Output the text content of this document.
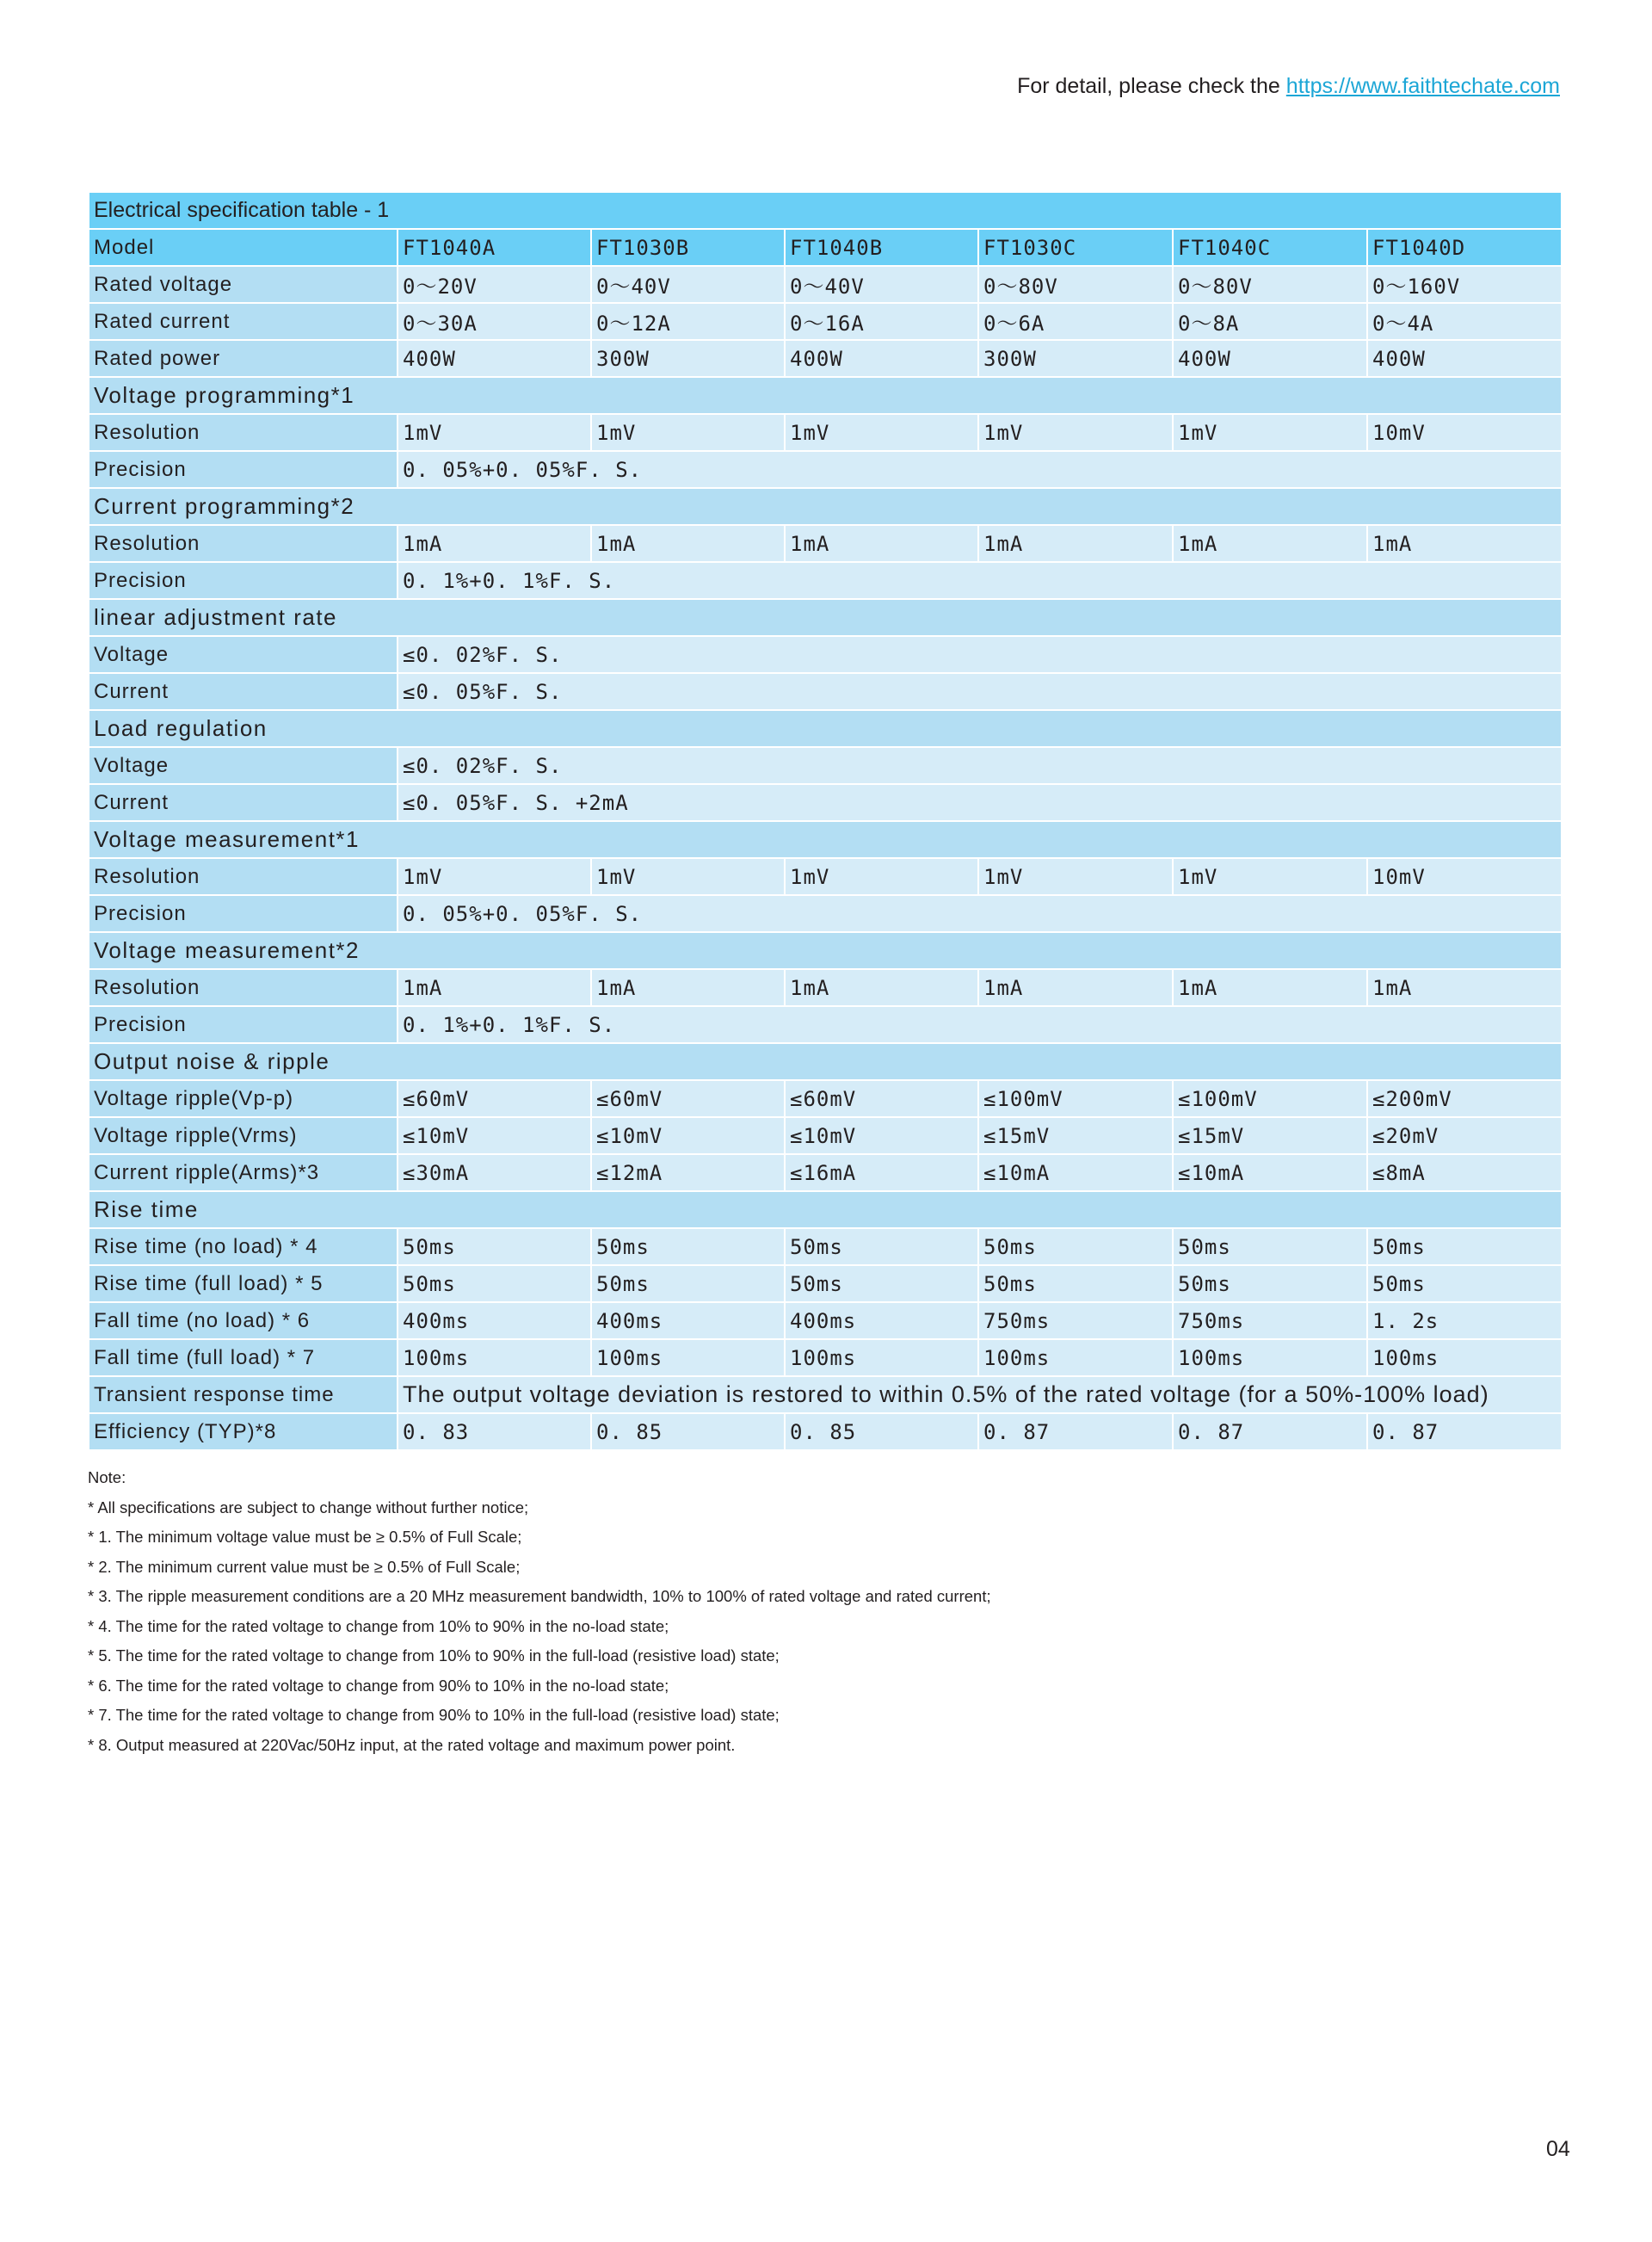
For detail, please check the https://www.faithtechate.com
Electrical specification table - 1						
Model	FT1040A	FT1030B	FT1040B	FT1030C	FT1040C	FT1040D
Rated voltage	0～20V	0～40V	0～40V	0～80V	0～80V	0～160V
Rated current	0～30A	0～12A	0～16A	0～6A	0～8A	0～4A
Rated power	400W	300W	400W	300W	400W	400W
Voltage programming*1						
Resolution	1mV	1mV	1mV	1mV	1mV	10mV
Precision	0. 05%+0. 05%F. S.					
Current programming*2						
Resolution	1mA	1mA	1mA	1mA	1mA	1mA
Precision	0. 1%+0. 1%F. S.					
linear adjustment rate						
Voltage	≤0. 02%F. S.					
Current	≤0. 05%F. S.					
Load regulation						
Voltage	≤0. 02%F. S.					
Current	≤0. 05%F. S. +2mA					
Voltage measurement*1						
Resolution	1mV	1mV	1mV	1mV	1mV	10mV
Precision	0. 05%+0. 05%F. S.					
Voltage measurement*2						
Resolution	1mA	1mA	1mA	1mA	1mA	1mA
Precision	0. 1%+0. 1%F. S.					
Output noise & ripple						
Voltage ripple(Vp-p)	≤60mV	≤60mV	≤60mV	≤100mV	≤100mV	≤200mV
Voltage ripple(Vrms)	≤10mV	≤10mV	≤10mV	≤15mV	≤15mV	≤20mV
Current ripple(Arms)*3	≤30mA	≤12mA	≤16mA	≤10mA	≤10mA	≤8mA
Rise time						
Rise time (no load) * 4	50ms	50ms	50ms	50ms	50ms	50ms
Rise time (full load) * 5	50ms	50ms	50ms	50ms	50ms	50ms
Fall time (no load) * 6	400ms	400ms	400ms	750ms	750ms	1. 2s
Fall time (full load) * 7	100ms	100ms	100ms	100ms	100ms	100ms
Transient response time	The output voltage deviation is restored to within 0.5% of the rated voltage (for a 50%-100% load)					
Efficiency (TYP)*8	0. 83	0. 85	0. 85	0. 87	0. 87	0. 87
Note:
* All specifications are subject to change without further notice;
* 1. The minimum voltage value must be ≥ 0.5% of Full Scale;
* 2. The minimum current value must be ≥ 0.5% of Full Scale;
* 3. The ripple measurement conditions are a 20 MHz measurement bandwidth, 10% to 100% of rated voltage and rated current;
* 4. The time for the rated voltage to change from 10% to 90% in the no-load state;
* 5. The time for the rated voltage to change from 10% to 90% in the full-load (resistive load) state;
* 6. The time for the rated voltage to change from 90% to 10% in the no-load state;
* 7. The time for the rated voltage to change from 90% to 10% in the full-load (resistive load) state;
* 8. Output measured at 220Vac/50Hz input, at the rated voltage and maximum power point.
04
